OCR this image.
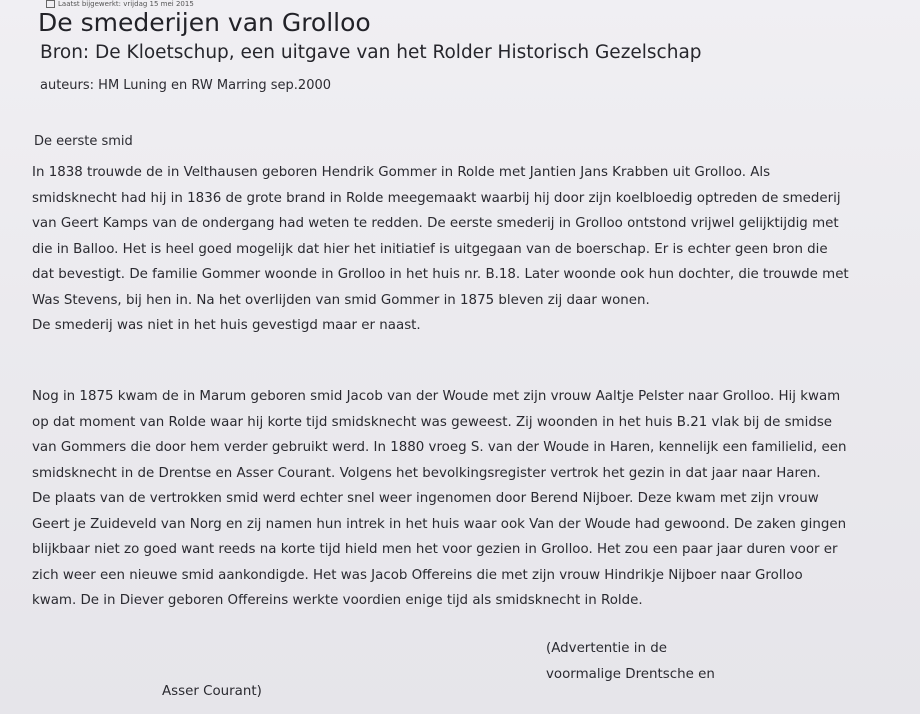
Laatst bijgewerkt: vrijdag 15 mei 2015
De smederijen van Grolloo
Bron: De Kloetschup, een uitgave van het Rolder Historisch Gezelschap
auteurs: HM Luning en RW Marring sep.2000
De eerste smid
In 1838 trouwde de in Velthausen geboren Hendrik Gommer in Rolde met Jantien Jans Krabben uit Grolloo. Als
smidsknecht had hij in 1836 de grote brand in Rolde meegemaakt waarbij hij door zijn koelbloedig optreden de smederij
van Geert Kamps van de ondergang had weten te redden. De eerste smederij in Grolloo ontstond vrijwel gelijktijdig met
die in Balloo. Het is heel goed mogelijk dat hier het initiatief is uitgegaan van de boerschap. Er is echter geen bron die
dat bevestigt. De familie Gommer woonde in Grolloo in het huis nr. B.18. Later woonde ook hun dochter, die trouwde met
Was Stevens, bij hen in. Na het overlijden van smid Gommer in 1875 bleven zij daar wonen.
De smederij was niet in het huis gevestigd maar er naast.
Nog in 1875 kwam de in Marum geboren smid Jacob van der Woude met zijn vrouw Aaltje Pelster naar Grolloo. Hij kwam
op dat moment van Rolde waar hij korte tijd smidsknecht was geweest. Zij woonden in het huis B.21 vlak bij de smidse
van Gommers die door hem verder gebruikt werd. In 1880 vroeg S. van der Woude in Haren, kennelijk een familielid, een
smidsknecht in de Drentse en Asser Courant. Volgens het bevolkingsregister vertrok het gezin in dat jaar naar Haren.
De plaats van de vertrokken smid werd echter snel weer ingenomen door Berend Nijboer. Deze kwam met zijn vrouw
Geert je Zuideveld van Norg en zij namen hun intrek in het huis waar ook Van der Woude had gewoond. De zaken gingen
blijkbaar niet zo goed want reeds na korte tijd hield men het voor gezien in Grolloo. Het zou een paar jaar duren voor er
zich weer een nieuwe smid aankondigde. Het was Jacob Offereins die met zijn vrouw Hindrikje Nijboer naar Grolloo
kwam. De in Diever geboren Offereins werkte voordien enige tijd als smidsknecht in Rolde.
(Advertentie in de
voormalige Drentsche en
Asser Courant)
